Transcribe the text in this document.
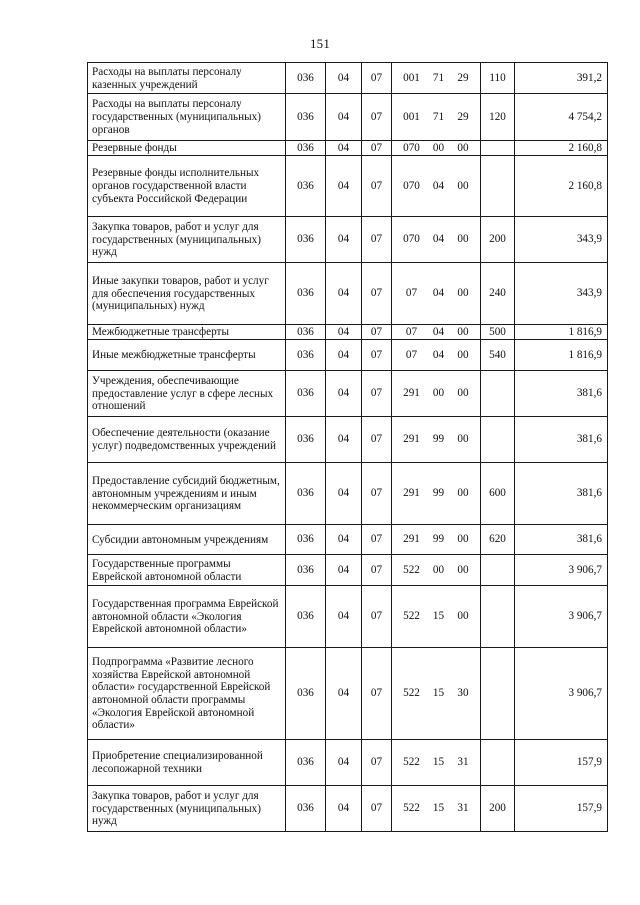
151
Расходы на выплаты персоналу казенных учреждений	036	04	07	001 71 29	110	391,2
Расходы на выплаты персоналу государственных (муниципальных) органов	036	04	07	001 71 29	120	4 754,2
Резервные фонды	036	04	07	070 00 00		2 160,8
Резервные фонды исполнительных органов государственной власти субъекта Российской Федерации	036	04	07	070 04 00		2 160,8
Закупка товаров, работ и услуг для государственных (муниципальных) нужд	036	04	07	070 04 00	200	343,9
Иные закупки товаров, работ и услуг для обеспечения государственных (муниципальных) нужд	036	04	07	07 04 00	240	343,9
Межбюджетные трансферты	036	04	07	07 04 00	500	1 816,9
Иные межбюджетные трансферты	036	04	07	07 04 00	540	1 816,9
Учреждения, обеспечивающие предоставление услуг в сфере лесных отношений	036	04	07	291 00 00		381,6
Обеспечение деятельности (оказание услуг) подведомственных учреждений	036	04	07	291 99 00		381,6
Предоставление субсидий бюджетным, автономным учреждениям и иным некоммерческим организациям	036	04	07	291 99 00	600	381,6
Субсидии автономным учреждениям	036	04	07	291 99 00	620	381,6
Государственные программы Еврейской автономной области	036	04	07	522 00 00		3 906,7
Государственная программа Еврейской автономной области «Экология Еврейской автономной области»	036	04	07	522 15 00		3 906,7
Подпрограмма «Развитие лесного хозяйства Еврейской автономной области» государственной Еврейской автономной области программы «Экология Еврейской автономной области»	036	04	07	522 15 30		3 906,7
Приобретение специализированной лесопожарной техники	036	04	07	522 15 31		157,9
Закупка товаров, работ и услуг для государственных (муниципальных) нужд	036	04	07	522 15 31	200	157,9
